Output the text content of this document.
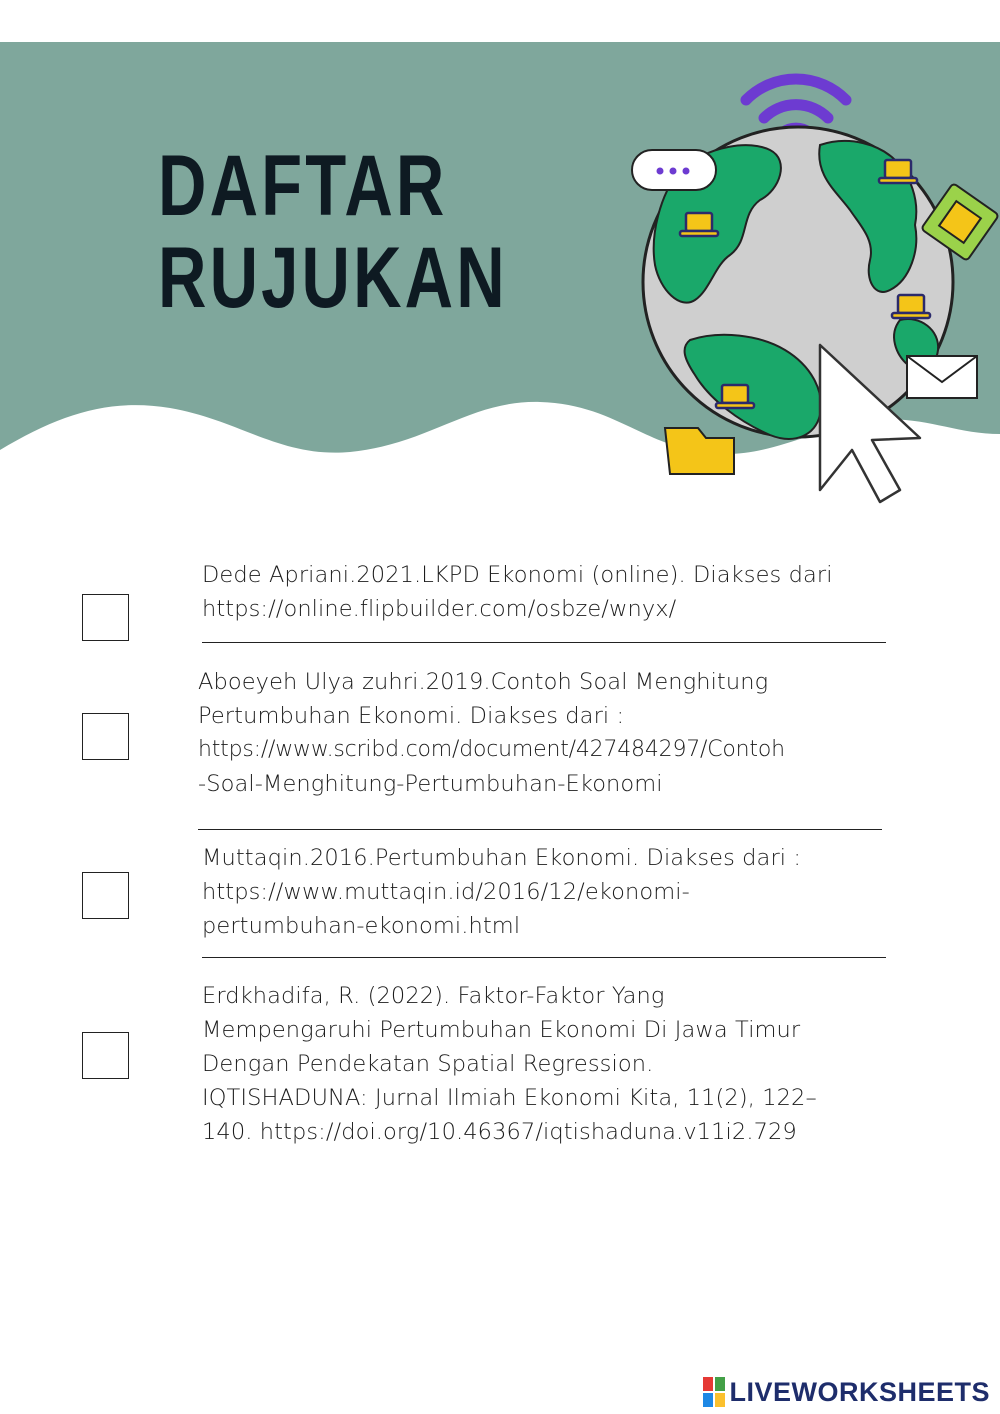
DAFTAR
RUJUKAN

Dede Apriani.2021.LKPD Ekonomi (online). Diakses dari
https://online.flipbuilder.com/osbze/wnyx/

Aboeyeh Ulya zuhri.2019.Contoh Soal Menghitung
Pertumbuhan Ekonomi. Diakses dari :
https://www.scribd.com/document/427484297/Contoh
-Soal-Menghitung-Pertumbuhan-Ekonomi

Muttaqin.2016.Pertumbuhan Ekonomi. Diakses dari :
https://www.muttaqin.id/2016/12/ekonomi-
pertumbuhan-ekonomi.html

Erdkhadifa, R. (2022). Faktor-Faktor Yang
Mempengaruhi Pertumbuhan Ekonomi Di Jawa Timur
Dengan Pendekatan Spatial Regression.
IQTISHADUNA: Jurnal Ilmiah Ekonomi Kita, 11(2), 122–
140. https://doi.org/10.46367/iqtishaduna.v11i2.729

LIVEWORKSHEETS
